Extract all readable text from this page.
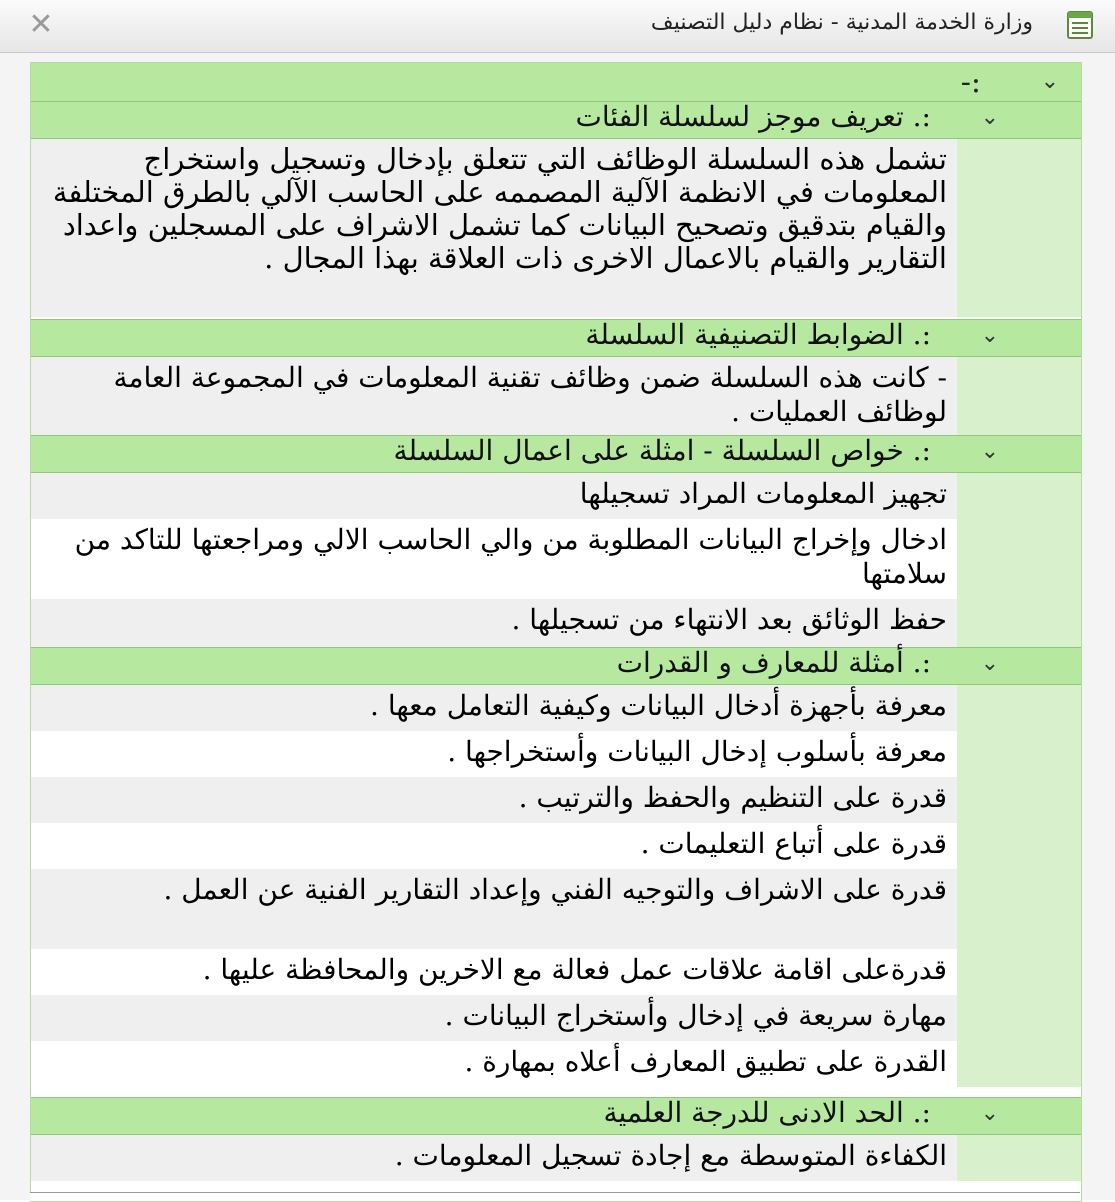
وزارة الخدمة المدنية - نظام دليل التصنيف
✕
⌄
:-
⌄
:. تعريف موجز لسلسلة الفئات
تشمل هذه السلسلة الوظائف التي تتعلق بإدخال وتسجيل واستخراج المعلومات في الانظمة الآلية المصممه على الحاسب الآلي بالطرق المختلفة والقيام بتدقيق وتصحيح البيانات كما تشمل الاشراف على المسجلين واعداد التقارير والقيام بالاعمال الاخرى ذات العلاقة بهذا المجال .
⌄
:. الضوابط التصنيفية السلسلة
- كانت هذه السلسلة ضمن وظائف تقنية المعلومات في المجموعة العامة لوظائف العمليات .
⌄
:. خواص السلسلة - امثلة على اعمال السلسلة
تجهيز المعلومات المراد تسجيلها
ادخال وإخراج البيانات المطلوبة من والي الحاسب الالي ومراجعتها للتاكد من سلامتها
حفظ الوثائق بعد الانتهاء من تسجيلها .
⌄
:. أمثلة للمعارف و القدرات
معرفة بأجهزة أدخال البيانات وكيفية التعامل معها .
معرفة بأسلوب إدخال البيانات وأستخراجها .
قدرة على التنظيم والحفظ والترتيب .
قدرة على أتباع التعليمات .
قدرة على الاشراف والتوجيه الفني وإعداد التقارير الفنية عن العمل .
قدرةعلى اقامة علاقات عمل فعالة مع الاخرين والمحافظة عليها .
مهارة سريعة في إدخال وأستخراج البيانات .
القدرة على تطبيق المعارف أعلاه بمهارة .
⌄
:. الحد الادنى للدرجة العلمية
الكفاءة المتوسطة مع إجادة تسجيل المعلومات .
